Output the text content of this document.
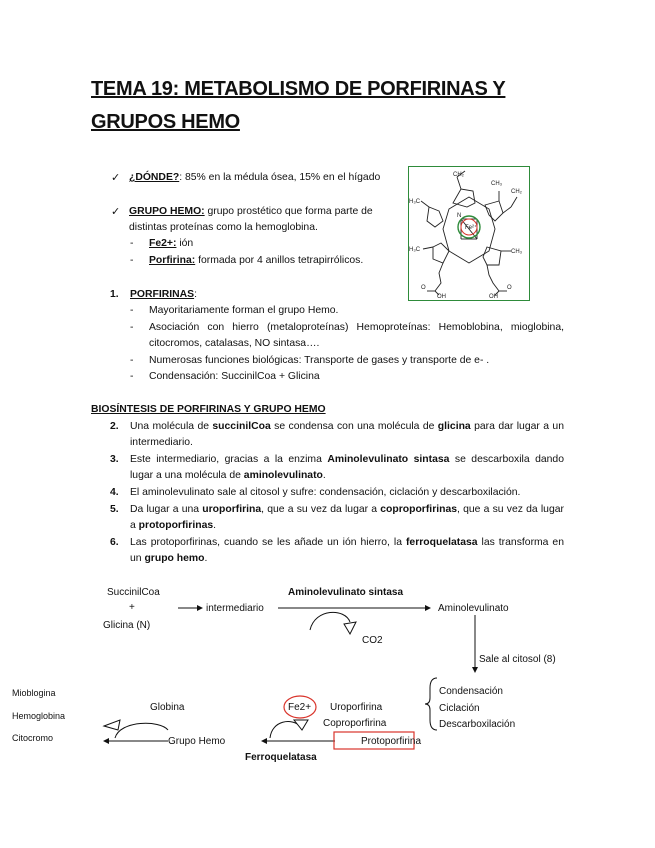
TEMA 19: METABOLISMO DE PORFIRINAS Y
GRUPOS HEMO
✓ ¿DÓNDE?: 85% en la médula ósea, 15% en el hígado
✓ GRUPO HEMO: grupo prostético que forma parte de
distintas proteínas como la hemoglobina.
- Fe2+: ión
- Porfirina: formada por 4 anillos tetrapirrólicos.
Fe²⁺
N
CH₂
H₃C
CH₃
CH₂
H₃C	CH₃
O
OH
O
OH
1. PORFIRINAS:
- Mayoritariamente forman el grupo Hemo.
- Asociación con hierro (metaloproteínas) Hemoproteínas: Hemoblobina, mioglobina,
citocromos, catalasas, NO sintasa….
- Numerosas funciones biológicas: Transporte de gases y transporte de e- .
- Condensación: SuccinilCoa + Glicina
BIOSÍNTESIS DE PORFIRINAS Y GRUPO HEMO
2. Una molécula de succinilCoa se condensa con una molécula de glicina para dar lugar a un intermediario.
3. Este intermediario, gracias a la enzima Aminolevulinato sintasa se descarboxila dando lugar a una molécula de aminolevulinato.
4. El aminolevulinato sale al citosol y sufre: condensación, ciclación y descarboxilación.
5. Da lugar a una uroporfirina, que a su vez da lugar a coproporfirinas, que a su vez da lugar a protoporfirinas.
6. Las protoporfirinas, cuando se les añade un ión hierro, la ferroquelatasa las transforma en un grupo hemo.
SuccinilCoa
+
Glicina (N)
intermediario
Aminolevulinato sintasa
Aminolevulinato
CO2
Sale al citosol (8)
Condensación
Ciclación
Descarboxilación
Uroporfirina
Coproporfirina
Protoporfirina
Fe2+
Globina
Grupo Hemo
Ferroquelatasa
Mioblogina
Hemoglobina
Citocromo
